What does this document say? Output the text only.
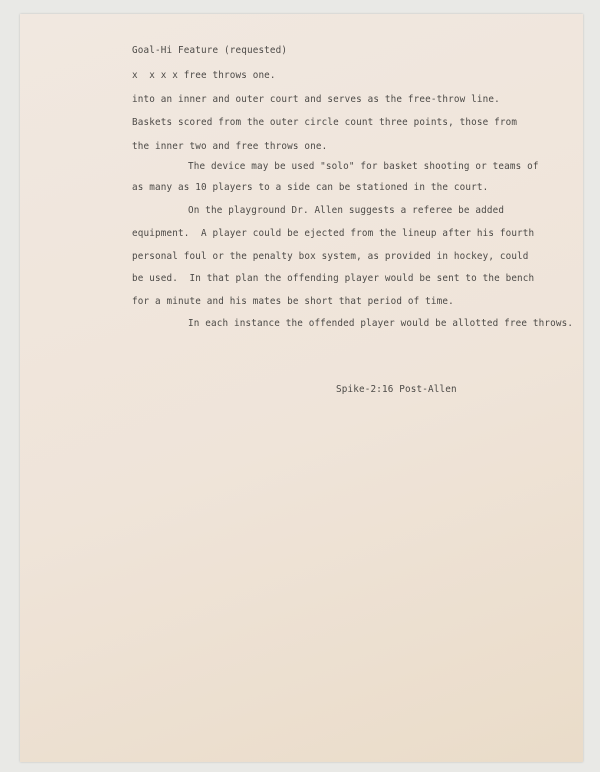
Goal-Hi Feature (requested)
x  x x x free throws one.
into an inner and outer court and serves as the free-throw line.
Baskets scored from the outer circle count three points, those from
the inner two and free throws one.
The device may be used "solo" for basket shooting or teams of
as many as 10 players to a side can be stationed in the court.
On the playground Dr. Allen suggests a referee be added
equipment.  A player could be ejected from the lineup after his fourth
personal foul or the penalty box system, as provided in hockey, could
be used.  In that plan the offending player would be sent to the bench
for a minute and his mates be short that period of time.
In each instance the offended player would be allotted free throws.
Spike-2:16 Post-Allen
